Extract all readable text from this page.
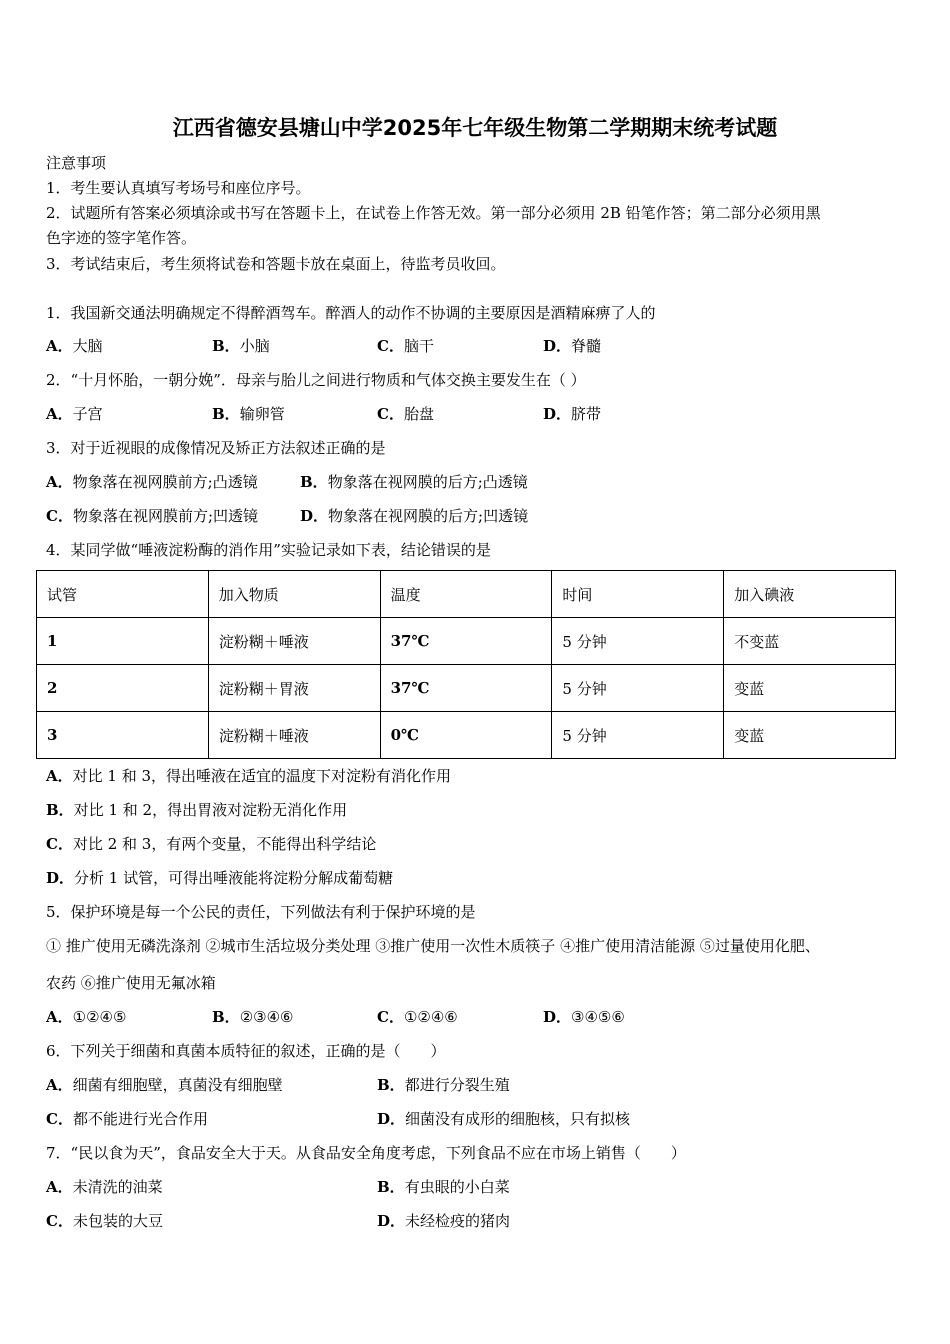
江西省德安县塘山中学2025年七年级生物第二学期期末统考试题
注意事项
1．考生要认真填写考场号和座位序号。
2．试题所有答案必须填涂或书写在答题卡上，在试卷上作答无效。第一部分必须用 2B 铅笔作答；第二部分必须用黑
色字迹的签字笔作答。
3．考试结束后，考生须将试卷和答题卡放在桌面上，待监考员收回。
1．我国新交通法明确规定不得醉酒驾车。醉酒人的动作不协调的主要原因是酒精麻痹了人的
A．大脑	B．小脑	C．脑干	D．脊髓
2．“十月怀胎，一朝分娩”．母亲与胎儿之间进行物质和气体交换主要发生在（ ）
A．子宫	B．输卵管	C．胎盘	D．脐带
3．对于近视眼的成像情况及矫正方法叙述正确的是
A．物象落在视网膜前方;凸透镜	B．物象落在视网膜的后方;凸透镜
C．物象落在视网膜前方;凹透镜	D．物象落在视网膜的后方;凹透镜
4．某同学做“唾液淀粉酶的消作用”实验记录如下表，结论错误的是
试管	加入物质	温度	时间	加入碘液
1	淀粉糊＋唾液	37℃	5 分钟	不变蓝
2	淀粉糊＋胃液	37℃	5 分钟	变蓝
3	淀粉糊＋唾液	0℃	5 分钟	变蓝
A．对比 1 和 3，得出唾液在适宜的温度下对淀粉有消化作用
B．对比 1 和 2，得出胃液对淀粉无消化作用
C．对比 2 和 3，有两个变量，不能得出科学结论
D．分析 1 试管，可得出唾液能将淀粉分解成葡萄糖
5．保护环境是每一个公民的责任，下列做法有利于保护环境的是
① 推广使用无磷洗涤剂 ②城市生活垃圾分类处理 ③推广使用一次性木质筷子 ④推广使用清洁能源 ⑤过量使用化肥、
农药 ⑥推广使用无氟冰箱
A．①②④⑤	B．②③④⑥	C．①②④⑥	D．③④⑤⑥
6．下列关于细菌和真菌本质特征的叙述，正确的是（　　）
A．细菌有细胞壁，真菌没有细胞壁	B．都进行分裂生殖
C．都不能进行光合作用	D．细菌没有成形的细胞核，只有拟核
7．“民以食为天”，食品安全大于天。从食品安全角度考虑，下列食品不应在市场上销售（　　）
A．未清洗的油菜	B．有虫眼的小白菜
C．未包装的大豆	D．未经检疫的猪肉
